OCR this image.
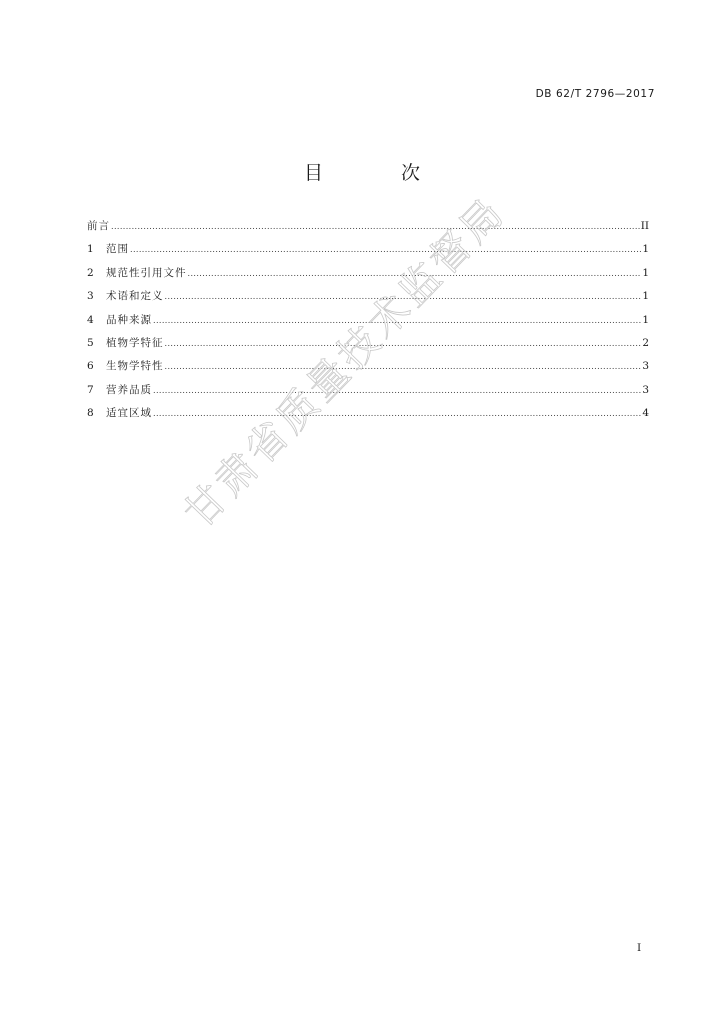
DB 62/T 2796—2017
目 次
前言 .....	II
1	范围 .....	1
2	规范性引用文件 .....	1
3	术语和定义 .....	1
4	品种来源 .....	1
5	植物学特征 .....	2
6	生物学特性 .....	3
7	营养品质 .....	3
8	适宜区域 .....	4
甘肃省质量技术监督局
I
